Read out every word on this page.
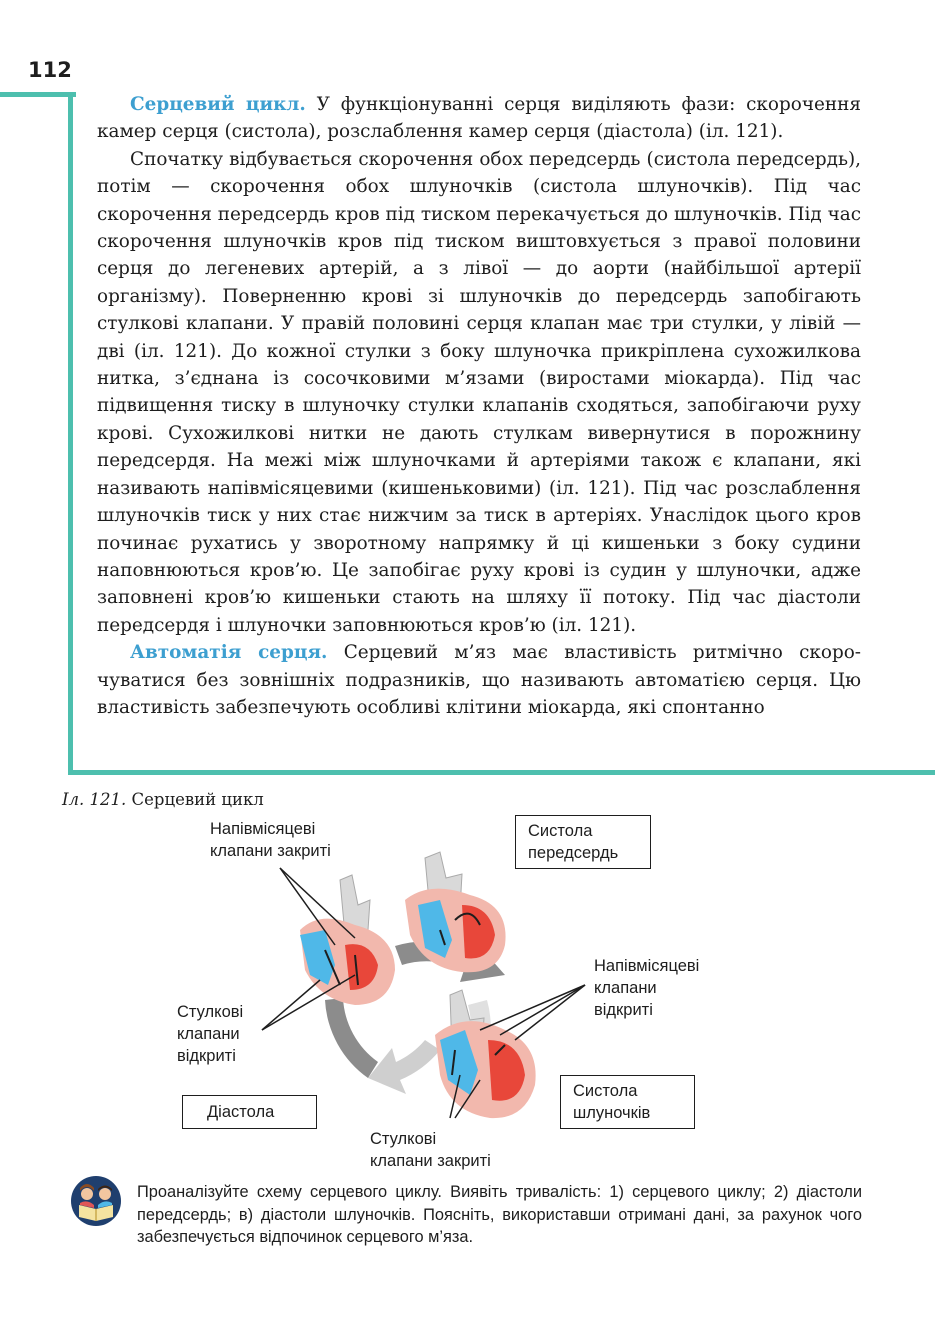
112

Серцевий цикл. У функціонуванні серця виділяють фази: скорочення камер серця (систола), розслаблення камер серця (діастола) (іл. 121).

Спочатку відбувається скорочення обох передсердь (систола передсердь), потім — скорочення обох шлуночків (систола шлуночків). Під час скорочення передсердь кров під тиском перекачується до шлуночків. Під час скорочення шлуночків кров під тиском виштовхується з правої половини серця до легеневих артерій, а з лівої — до аорти (найбільшої артерії організму). Поверненню крові зі шлуночків до передсердь запобігають стулкові клапани. У правій половині серця клапан має три стулки, у лівій — дві (іл. 121). До кожної стулки з боку шлуночка прикріплена сухожилкова нитка, з’єднана із сосочковими м’язами (виростами міокарда). Під час підвищення тиску в шлуночку стулки клапанів сходяться, запобігаючи руху крові. Сухожилкові нитки не дають стулкам вивернутися в порожнину передсердя. На межі між шлуночками й артеріями також є клапани, які називають напівмісяцевими (кишеньковими) (іл. 121). Під час розслаблення шлуночків тиск у них стає нижчим за тиск в артеріях. Унаслідок цього кров починає рухатись у зворотному напрямку й ці кишеньки з боку судини наповнюються кров’ю. Це запобігає руху крові із судин у шлуночки, адже заповнені кров’ю кишеньки стають на шляху її потоку. Під час діастоли передсердя і шлуночки заповнюються кров’ю (іл. 121).

Автоматія серця. Серцевий м’яз має властивість ритмічно скорочуватися без зовнішніх подразників, що називають автоматією серця. Цю властивість забезпечують особливі клітини міокарда, які спонтанно

Іл. 121. Серцевий цикл
Напівмісяцеві
клапани закриті
Систола
передсердь
Напівмісяцеві
клапани
відкриті
Стулкові
клапани
відкриті
Систола
шлуночків
Діастола
Стулкові
клапани закриті
Проаналізуйте схему серцевого циклу. Виявіть тривалість: 1) серцевого циклу; 2) діастоли передсердь; в) діастоли шлуночків. Поясніть, використавши отримані дані, за рахунок чого забезпечується відпочинок серцевого м’яза.
